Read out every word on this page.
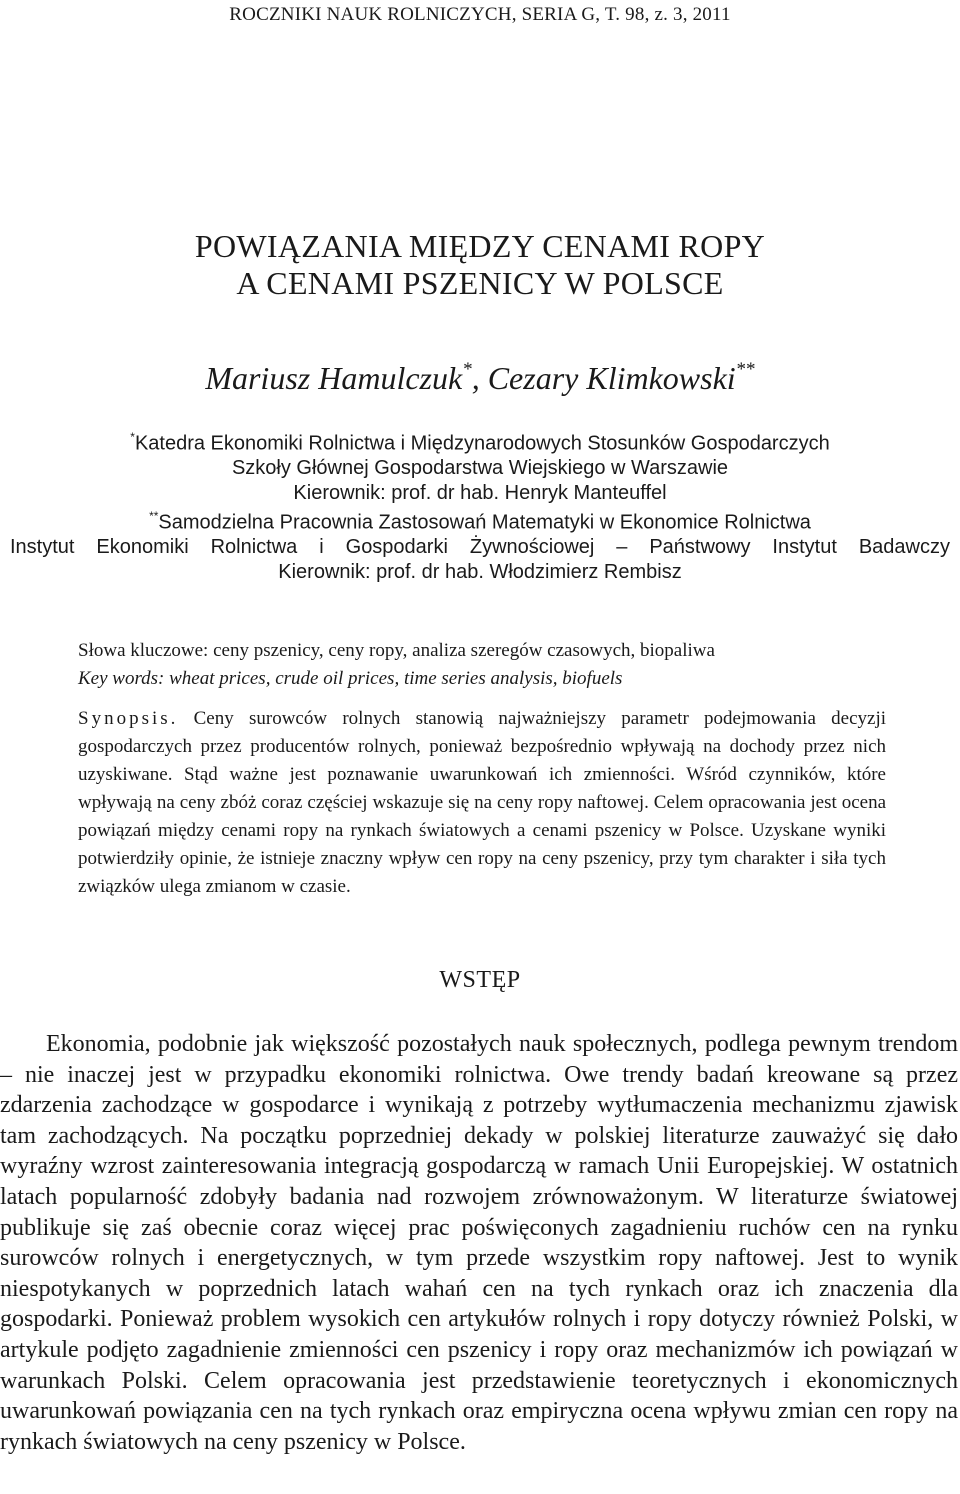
ROCZNIKI NAUK ROLNICZYCH, SERIA G, T. 98, z. 3, 2011
POWIĄZANIA MIĘDZY CENAMI ROPY
A CENAMI PSZENICY W POLSCE
Mariusz Hamulczuk*, Cezary Klimkowski**
*Katedra Ekonomiki Rolnictwa i Międzynarodowych Stosunków Gospodarczych
Szkoły Głównej Gospodarstwa Wiejskiego w Warszawie
Kierownik: prof. dr hab. Henryk Manteuffel
**Samodzielna Pracownia Zastosowań Matematyki w Ekonomice Rolnictwa
Instytut Ekonomiki Rolnictwa i Gospodarki Żywnościowej – Państwowy Instytut Badawczy
Kierownik: prof. dr hab. Włodzimierz Rembisz
Słowa kluczowe: ceny pszenicy, ceny ropy, analiza szeregów czasowych, biopaliwa
Key words: wheat prices, crude oil prices, time series analysis, biofuels
Synopsis. Ceny surowców rolnych stanowią najważniejszy parametr podejmowania decyzji gospodarczych przez producentów rolnych, ponieważ bezpośrednio wpływają na dochody przez nich uzyskiwane. Stąd ważne jest poznawanie uwarunkowań ich zmienności. Wśród czynników, które wpływają na ceny zbóż coraz częściej wskazuje się na ceny ropy naftowej. Celem opracowania jest ocena powiązań między cenami ropy na rynkach światowych a cenami pszenicy w Polsce. Uzyskane wyniki potwierdziły opinie, że istnieje znaczny wpływ cen ropy na ceny pszenicy, przy tym charakter i siła tych związków ulega zmianom w czasie.
WSTĘP
Ekonomia, podobnie jak większość pozostałych nauk społecznych, podlega pewnym trendom – nie inaczej jest w przypadku ekonomiki rolnictwa. Owe trendy badań kreowane są przez zdarzenia zachodzące w gospodarce i wynikają z potrzeby wytłumaczenia mechanizmu zjawisk tam zachodzących. Na początku poprzedniej dekady w polskiej literaturze zauważyć się dało wyraźny wzrost zainteresowania integracją gospodarczą w ramach Unii Europejskiej. W ostatnich latach popularność zdobyły badania nad rozwojem zrównoważonym. W literaturze światowej publikuje się zaś obecnie coraz więcej prac poświęconych zagadnieniu ruchów cen na rynku surowców rolnych i energetycznych, w tym przede wszystkim ropy naftowej. Jest to wynik niespotykanych w poprzednich latach wahań cen na tych rynkach oraz ich znaczenia dla gospodarki. Ponieważ problem wysokich cen artykułów rolnych i ropy dotyczy również Polski, w artykule podjęto zagadnienie zmienności cen pszenicy i ropy oraz mechanizmów ich powiązań w warunkach Polski. Celem opracowania jest przedstawienie teoretycznych i ekonomicznych uwarunkowań powiązania cen na tych rynkach oraz empiryczna ocena wpływu zmian cen ropy na rynkach światowych na ceny pszenicy w Polsce.
